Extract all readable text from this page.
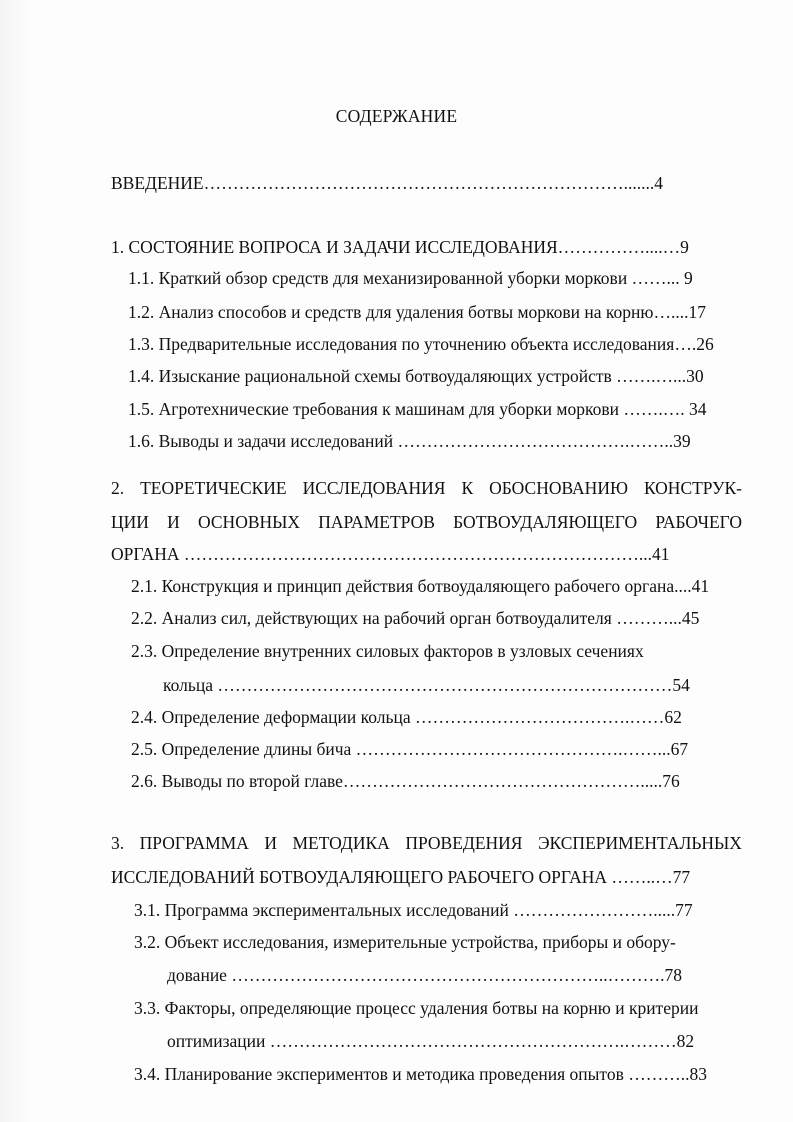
СОДЕРЖАНИЕ
ВВЕДЕНИЕ……………………………………………………………….......4
1. СОСТОЯНИЕ ВОПРОСА И ЗАДАЧИ ИССЛЕДОВАНИЯ……………....…9
1.1. Краткий обзор средств для механизированной уборки моркови ……... 9
1.2. Анализ способов и средств для удаления ботвы моркови на корню…....17
1.3. Предварительные исследования по уточнению объекта исследования….26
1.4. Изыскание рациональной схемы ботвоудаляющих устройств …….…...30
1.5. Агротехнические требования к машинам для уборки моркови …….…. 34
1.6. Выводы и задачи исследований ………………………………….……..39
2. ТЕОРЕТИЧЕСКИЕ ИССЛЕДОВАНИЯ К ОБОСНОВАНИЮ КОНСТРУК-
ЦИИ И ОСНОВНЫХ ПАРАМЕТРОВ БОТВОУДАЛЯЮЩЕГО РАБОЧЕГО
ОРГАНА ……………………………………………………………………...41
2.1. Конструкция и принцип действия ботвоудаляющего рабочего органа....41
2.2. Анализ сил, действующих на рабочий орган ботвоудалителя ………...45
2.3. Определение внутренних силовых факторов в узловых сечениях
кольца ……………………………………………………………………54
2.4. Определение деформации кольца ……………………………….……62
2.5. Определение длины бича ……………………………………….……...67
2.6. Выводы по второй главе…………………………………………….....76
3. ПРОГРАММА И МЕТОДИКА ПРОВЕДЕНИЯ ЭКСПЕРИМЕНТАЛЬНЫХ
ИССЛЕДОВАНИЙ БОТВОУДАЛЯЮЩЕГО РАБОЧЕГО ОРГАНА ……..…77
3.1. Программа экспериментальных исследований …………………….....77
3.2. Объект исследования, измерительные устройства, приборы и обору-
дование ………………………………………………………..……….78
3.3. Факторы, определяющие процесс удаления ботвы на корню и критерии
оптимизации …………………………………………………….………82
3.4. Планирование экспериментов и методика проведения опытов ………..83
